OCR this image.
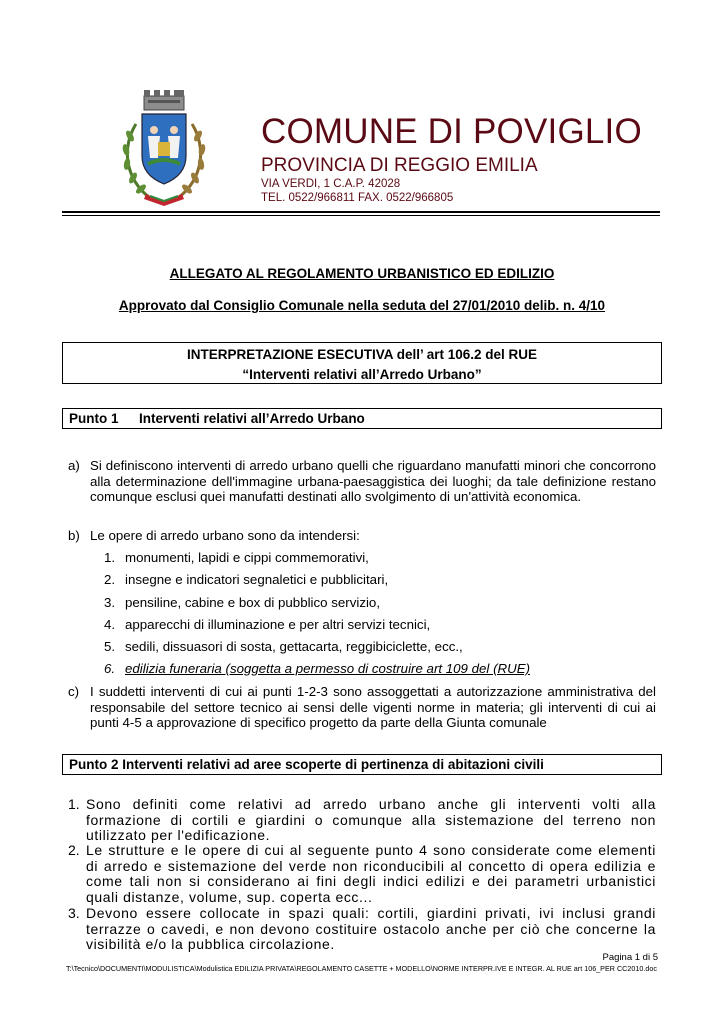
COMUNE DI POVIGLIO
PROVINCIA DI REGGIO EMILIA
VIA VERDI, 1 C.A.P. 42028
TEL. 0522/966811 FAX. 0522/966805
ALLEGATO AL REGOLAMENTO URBANISTICO ED EDILIZIO
Approvato dal Consiglio Comunale nella seduta del 27/01/2010 delib. n. 4/10
INTERPRETAZIONE ESECUTIVA dell’ art 106.2 del RUE
“Interventi relativi all’Arredo Urbano”
Punto 1 Interventi relativi all’Arredo Urbano
a) Si definiscono interventi di arredo urbano quelli che riguardano manufatti minori che concorrono alla determinazione dell'immagine urbana-paesaggistica dei luoghi; da tale definizione restano comunque esclusi quei manufatti destinati allo svolgimento di un'attività economica.
b) Le opere di arredo urbano sono da intendersi:
1. monumenti, lapidi e cippi commemorativi,
2. insegne e indicatori segnaletici e pubblicitari,
3. pensiline, cabine e box di pubblico servizio,
4. apparecchi di illuminazione e per altri servizi tecnici,
5. sedili, dissuasori di sosta, gettacarta, reggibiciclette, ecc.,
6. edilizia funeraria (soggetta a permesso di costruire art 109 del (RUE)
c) I suddetti interventi di cui ai punti 1-2-3 sono assoggettati a autorizzazione amministrativa del responsabile del settore tecnico ai sensi delle vigenti norme in materia; gli interventi di cui ai punti 4-5 a approvazione di specifico progetto da parte della Giunta comunale
Punto 2 Interventi relativi ad aree scoperte di pertinenza di abitazioni civili
1. Sono definiti come relativi ad arredo urbano anche gli interventi volti alla formazione di cortili e giardini o comunque alla sistemazione del terreno non utilizzato per l'edificazione.
2. Le strutture e le opere di cui al seguente punto 4 sono considerate come elementi di arredo e sistemazione del verde non riconducibili al concetto di opera edilizia e come tali non si considerano ai fini degli indici edilizi e dei parametri urbanistici quali distanze, volume, sup. coperta ecc...
3. Devono essere collocate in spazi quali: cortili, giardini privati, ivi inclusi grandi terrazze o cavedi, e non devono costituire ostacolo anche per ciò che concerne la visibilità e/o la pubblica circolazione.
Pagina 1 di 5
T:\Tecnico\DOCUMENTI\MODULISTICA\Modulistica EDILIZIA PRIVATA\REGOLAMENTO CASETTE + MODELLO\NORME INTERPR.IVE E INTEGR. AL RUE art 106_PER CC2010.doc
